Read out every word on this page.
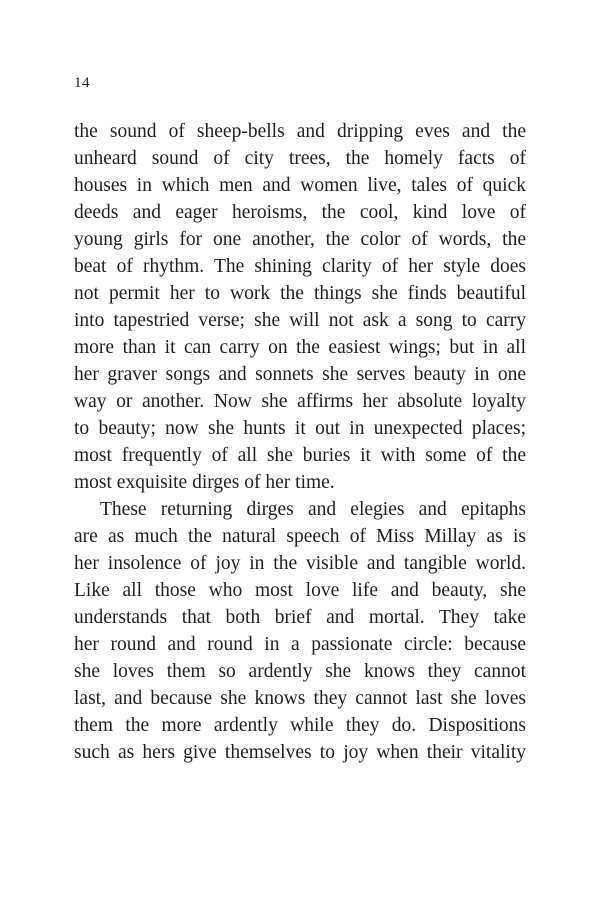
14
the sound of sheep-bells and dripping eves and the
unheard sound of city trees, the homely facts of
houses in which men and women live, tales of quick
deeds and eager heroisms, the cool, kind love of
young girls for one another, the color of words, the
beat of rhythm. The shining clarity of her style does
not permit her to work the things she finds beautiful
into tapestried verse; she will not ask a song to carry
more than it can carry on the easiest wings; but in all
her graver songs and sonnets she serves beauty in one
way or another. Now she affirms her absolute loyalty
to beauty; now she hunts it out in unexpected places;
most frequently of all she buries it with some of the
most exquisite dirges of her time.
These returning dirges and elegies and epitaphs
are as much the natural speech of Miss Millay as is
her insolence of joy in the visible and tangible world.
Like all those who most love life and beauty, she
understands that both brief and mortal. They take
her round and round in a passionate circle: because
she loves them so ardently she knows they cannot
last, and because she knows they cannot last she loves
them the more ardently while they do. Dispositions
such as hers give themselves to joy when their vitality
